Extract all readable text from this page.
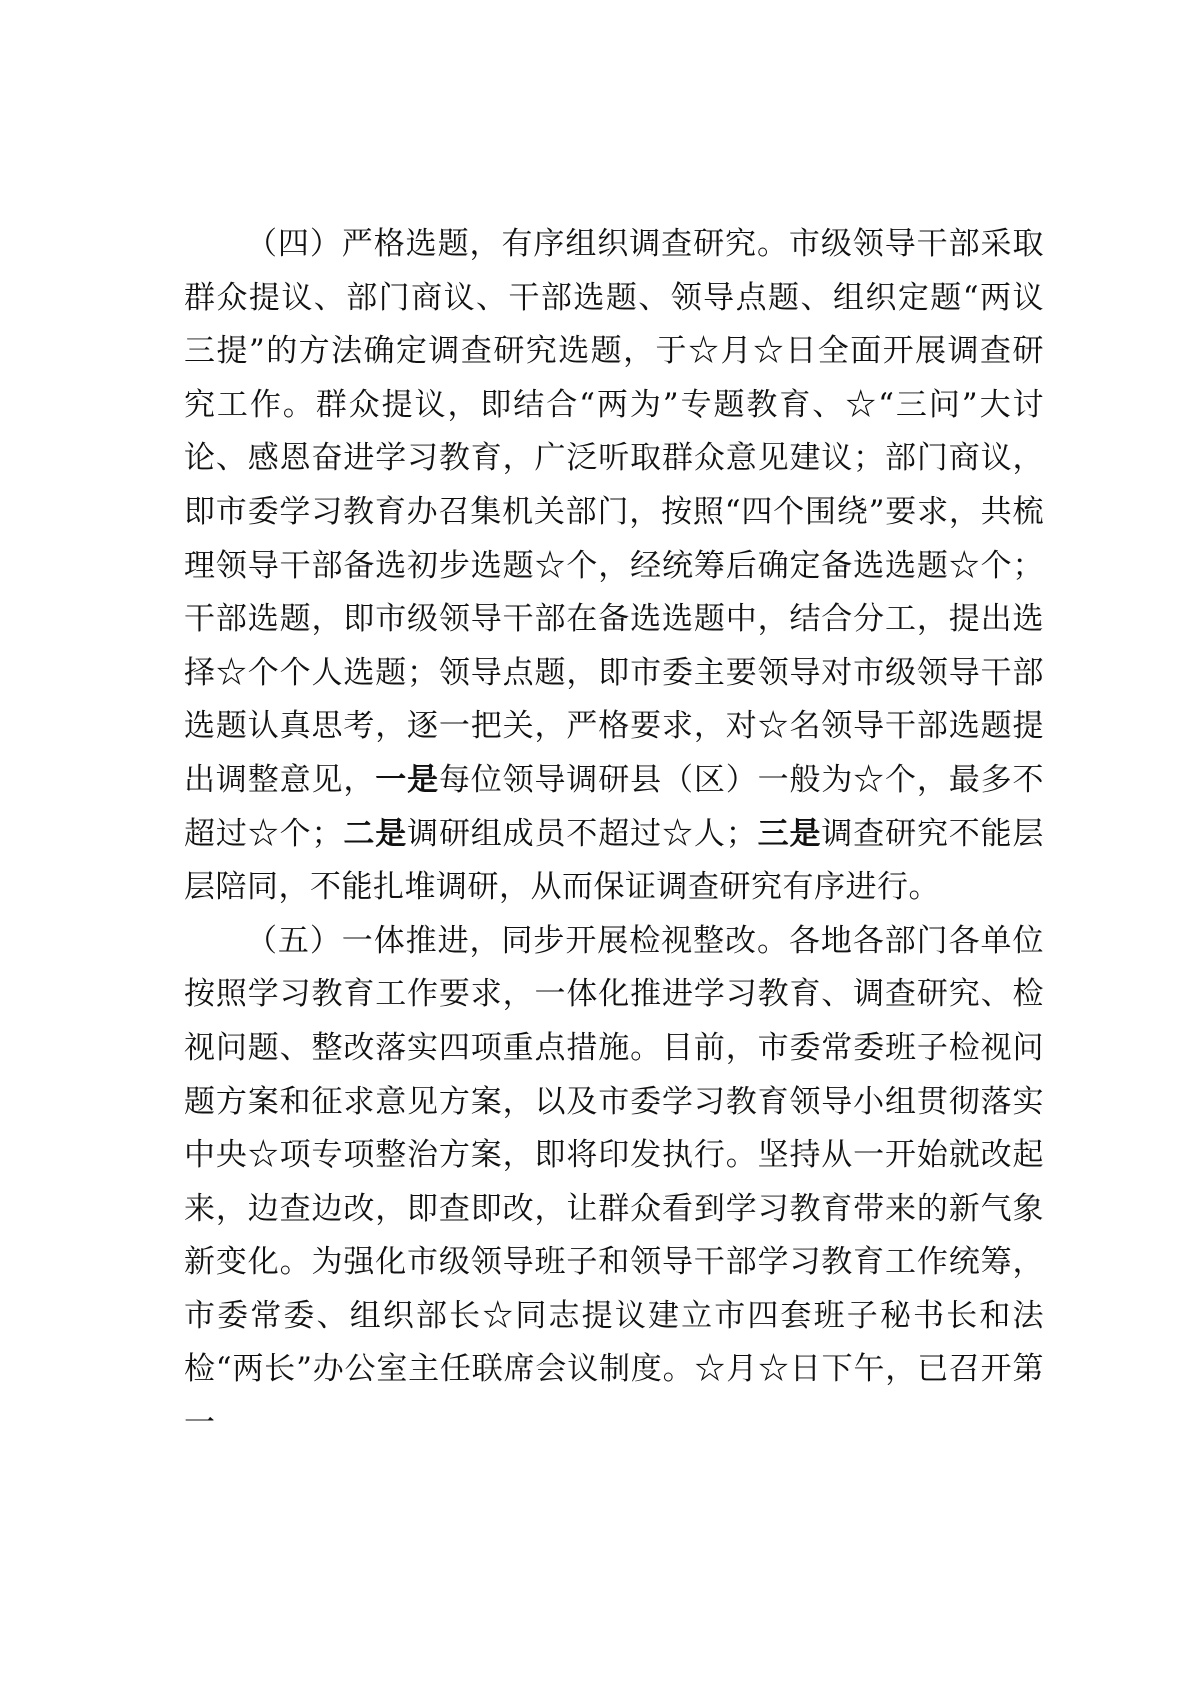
（四）严格选题，有序组织调查研究。市级领导干部采取群众提议、部门商议、干部选题、领导点题、组织定题“两议三提”的方法确定调查研究选题，于☆月☆日全面开展调查研究工作。群众提议，即结合“两为”专题教育、☆“三问”大讨论、感恩奋进学习教育，广泛听取群众意见建议；部门商议，即市委学习教育办召集机关部门，按照“四个围绕”要求，共梳理领导干部备选初步选题☆个，经统筹后确定备选选题☆个；干部选题，即市级领导干部在备选选题中，结合分工，提出选择☆个个人选题；领导点题，即市委主要领导对市级领导干部选题认真思考，逐一把关，严格要求，对☆名领导干部选题提出调整意见，一是每位领导调研县（区）一般为☆个，最多不超过☆个；二是调研组成员不超过☆人；三是调查研究不能层层陪同，不能扎堆调研，从而保证调查研究有序进行。

（五）一体推进，同步开展检视整改。各地各部门各单位按照学习教育工作要求，一体化推进学习教育、调查研究、检视问题、整改落实四项重点措施。目前，市委常委班子检视问题方案和征求意见方案，以及市委学习教育领导小组贯彻落实中央☆项专项整治方案，即将印发执行。坚持从一开始就改起来，边查边改，即查即改，让群众看到学习教育带来的新气象新变化。为强化市级领导班子和领导干部学习教育工作统筹，市委常委、组织部长☆同志提议建立市四套班子秘书长和法检“两长”办公室主任联席会议制度。☆月☆日下午，已召开第一
